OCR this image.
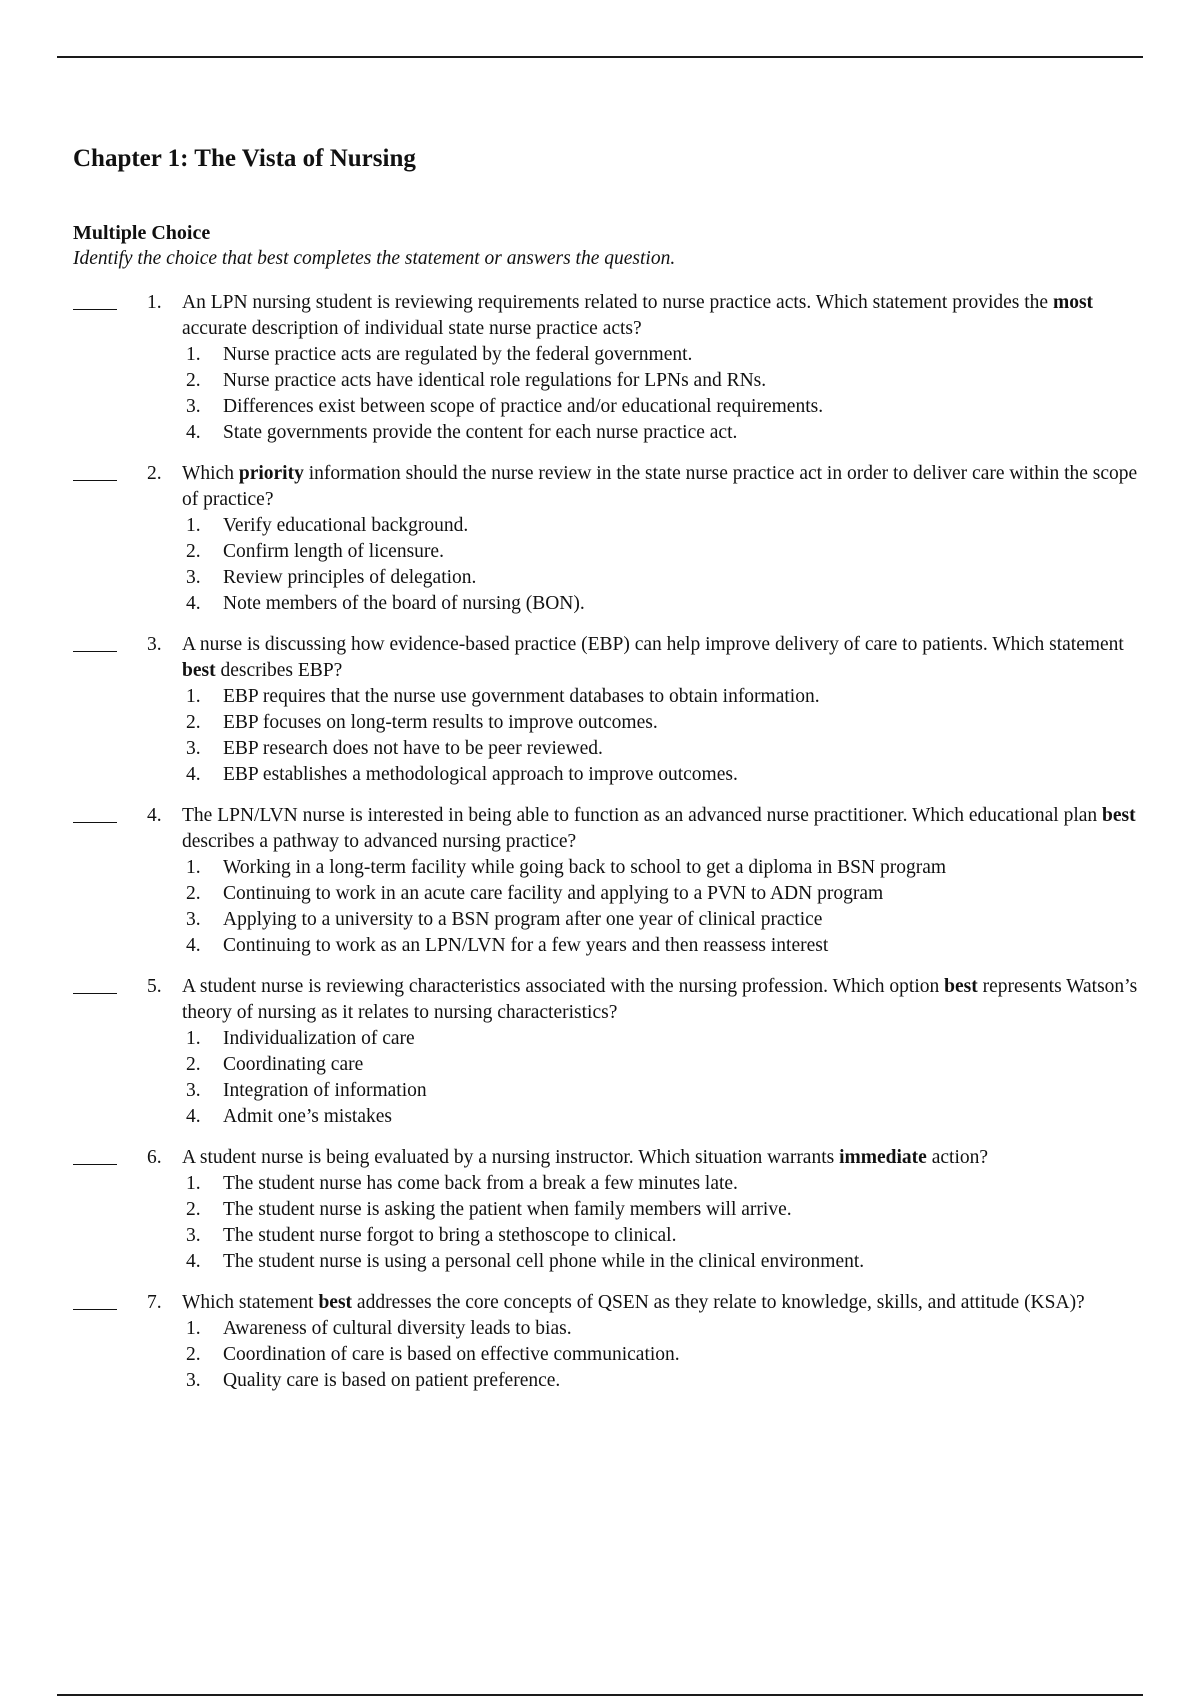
Chapter 1: The Vista of Nursing
Multiple Choice
Identify the choice that best completes the statement or answers the question.
1. An LPN nursing student is reviewing requirements related to nurse practice acts. Which statement provides the most accurate description of individual state nurse practice acts?
1. Nurse practice acts are regulated by the federal government.
2. Nurse practice acts have identical role regulations for LPNs and RNs.
3. Differences exist between scope of practice and/or educational requirements.
4. State governments provide the content for each nurse practice act.
2. Which priority information should the nurse review in the state nurse practice act in order to deliver care within the scope of practice?
1. Verify educational background.
2. Confirm length of licensure.
3. Review principles of delegation.
4. Note members of the board of nursing (BON).
3. A nurse is discussing how evidence-based practice (EBP) can help improve delivery of care to patients. Which statement best describes EBP?
1. EBP requires that the nurse use government databases to obtain information.
2. EBP focuses on long-term results to improve outcomes.
3. EBP research does not have to be peer reviewed.
4. EBP establishes a methodological approach to improve outcomes.
4. The LPN/LVN nurse is interested in being able to function as an advanced nurse practitioner. Which educational plan best describes a pathway to advanced nursing practice?
1. Working in a long-term facility while going back to school to get a diploma in BSN program
2. Continuing to work in an acute care facility and applying to a PVN to ADN program
3. Applying to a university to a BSN program after one year of clinical practice
4. Continuing to work as an LPN/LVN for a few years and then reassess interest
5. A student nurse is reviewing characteristics associated with the nursing profession. Which option best represents Watson’s theory of nursing as it relates to nursing characteristics?
1. Individualization of care
2. Coordinating care
3. Integration of information
4. Admit one’s mistakes
6. A student nurse is being evaluated by a nursing instructor. Which situation warrants immediate action?
1. The student nurse has come back from a break a few minutes late.
2. The student nurse is asking the patient when family members will arrive.
3. The student nurse forgot to bring a stethoscope to clinical.
4. The student nurse is using a personal cell phone while in the clinical environment.
7. Which statement best addresses the core concepts of QSEN as they relate to knowledge, skills, and attitude (KSA)?
1. Awareness of cultural diversity leads to bias.
2. Coordination of care is based on effective communication.
3. Quality care is based on patient preference.
